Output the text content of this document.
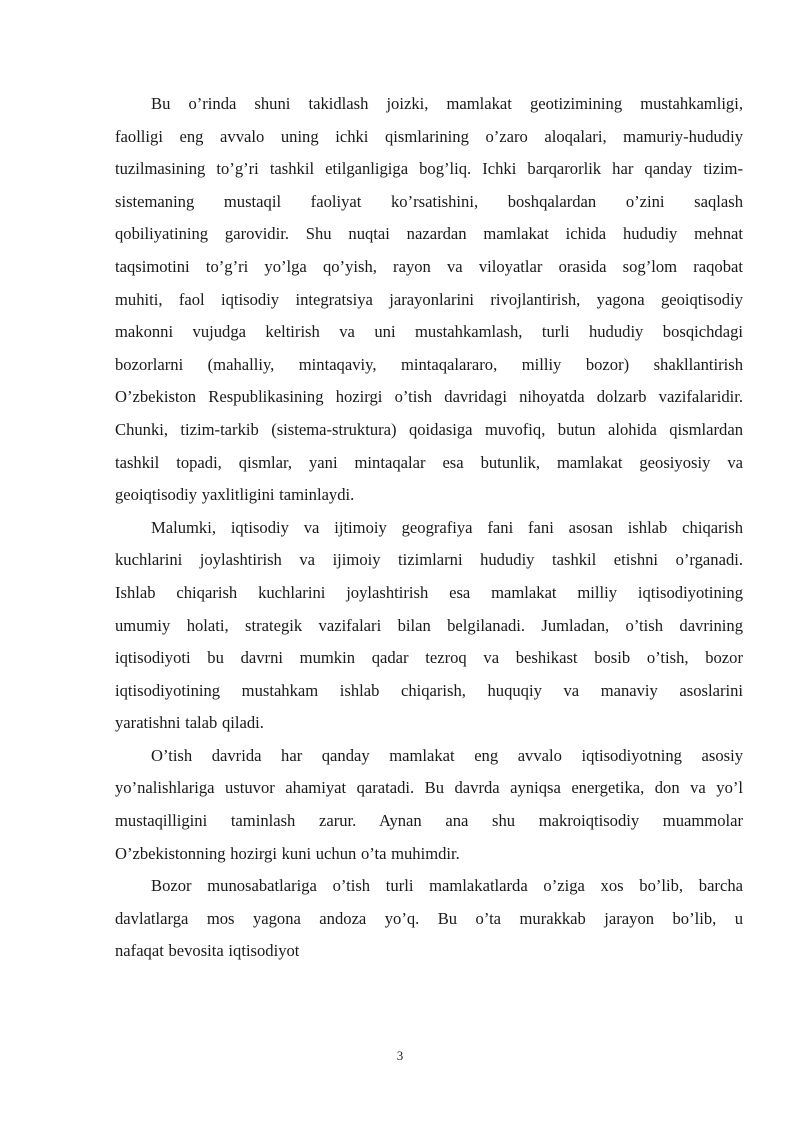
Bu o’rinda shuni takidlash joizki, mamlakat geotizimining mustahkamligi,
faolligi eng avvalo uning ichki qismlarining o’zaro aloqalari, mamuriy-hududiy
tuzilmasining to’g’ri tashkil etilganligiga bog’liq. Ichki barqarorlik har qanday tizim-
sistemaning mustaqil faoliyat ko’rsatishini, boshqalardan o’zini saqlash
qobiliyatining garovidir. Shu nuqtai nazardan mamlakat ichida hududiy mehnat
taqsimotini to’g’ri yo’lga qo’yish, rayon va viloyatlar orasida sog’lom raqobat
muhiti, faol iqtisodiy integratsiya jarayonlarini rivojlantirish, yagona geoiqtisodiy
makonni vujudga keltirish va uni mustahkamlash, turli hududiy bosqichdagi
bozorlarni (mahalliy, mintaqaviy, mintaqalararo, milliy bozor) shakllantirish
O’zbekiston Respublikasining hozirgi o’tish davridagi nihoyatda dolzarb vazifalaridir.
Chunki, tizim-tarkib (sistema-struktura) qoidasiga muvofiq, butun alohida qismlardan
tashkil topadi, qismlar, yani mintaqalar esa butunlik, mamlakat geosiyosiy va
geoiqtisodiy yaxlitligini taminlaydi.

Malumki, iqtisodiy va ijtimoiy geografiya fani fani asosan ishlab chiqarish
kuchlarini joylashtirish va ijimoiy tizimlarni hududiy tashkil etishni o’rganadi.
Ishlab chiqarish kuchlarini joylashtirish esa mamlakat milliy iqtisodiyotining
umumiy holati, strategik vazifalari bilan belgilanadi. Jumladan, o’tish davrining
iqtisodiyoti bu davrni mumkin qadar tezroq va beshikast bosib o’tish, bozor
iqtisodiyotining mustahkam ishlab chiqarish, huquqiy va manaviy asoslarini
yaratishni talab qiladi.

O’tish davrida har qanday mamlakat eng avvalo iqtisodiyotning asosiy
yo’nalishlariga ustuvor ahamiyat qaratadi. Bu davrda ayniqsa energetika, don va yo’l
mustaqilligini taminlash zarur. Aynan ana shu makroiqtisodiy muammolar
O’zbekistonning hozirgi kuni uchun o’ta muhimdir.

Bozor munosabatlariga o’tish turli mamlakatlarda o’ziga xos bo’lib, barcha
davlatlarga mos yagona andoza yo’q. Bu o’ta murakkab jarayon bo’lib, u
nafaqat bevosita iqtisodiyot

3
